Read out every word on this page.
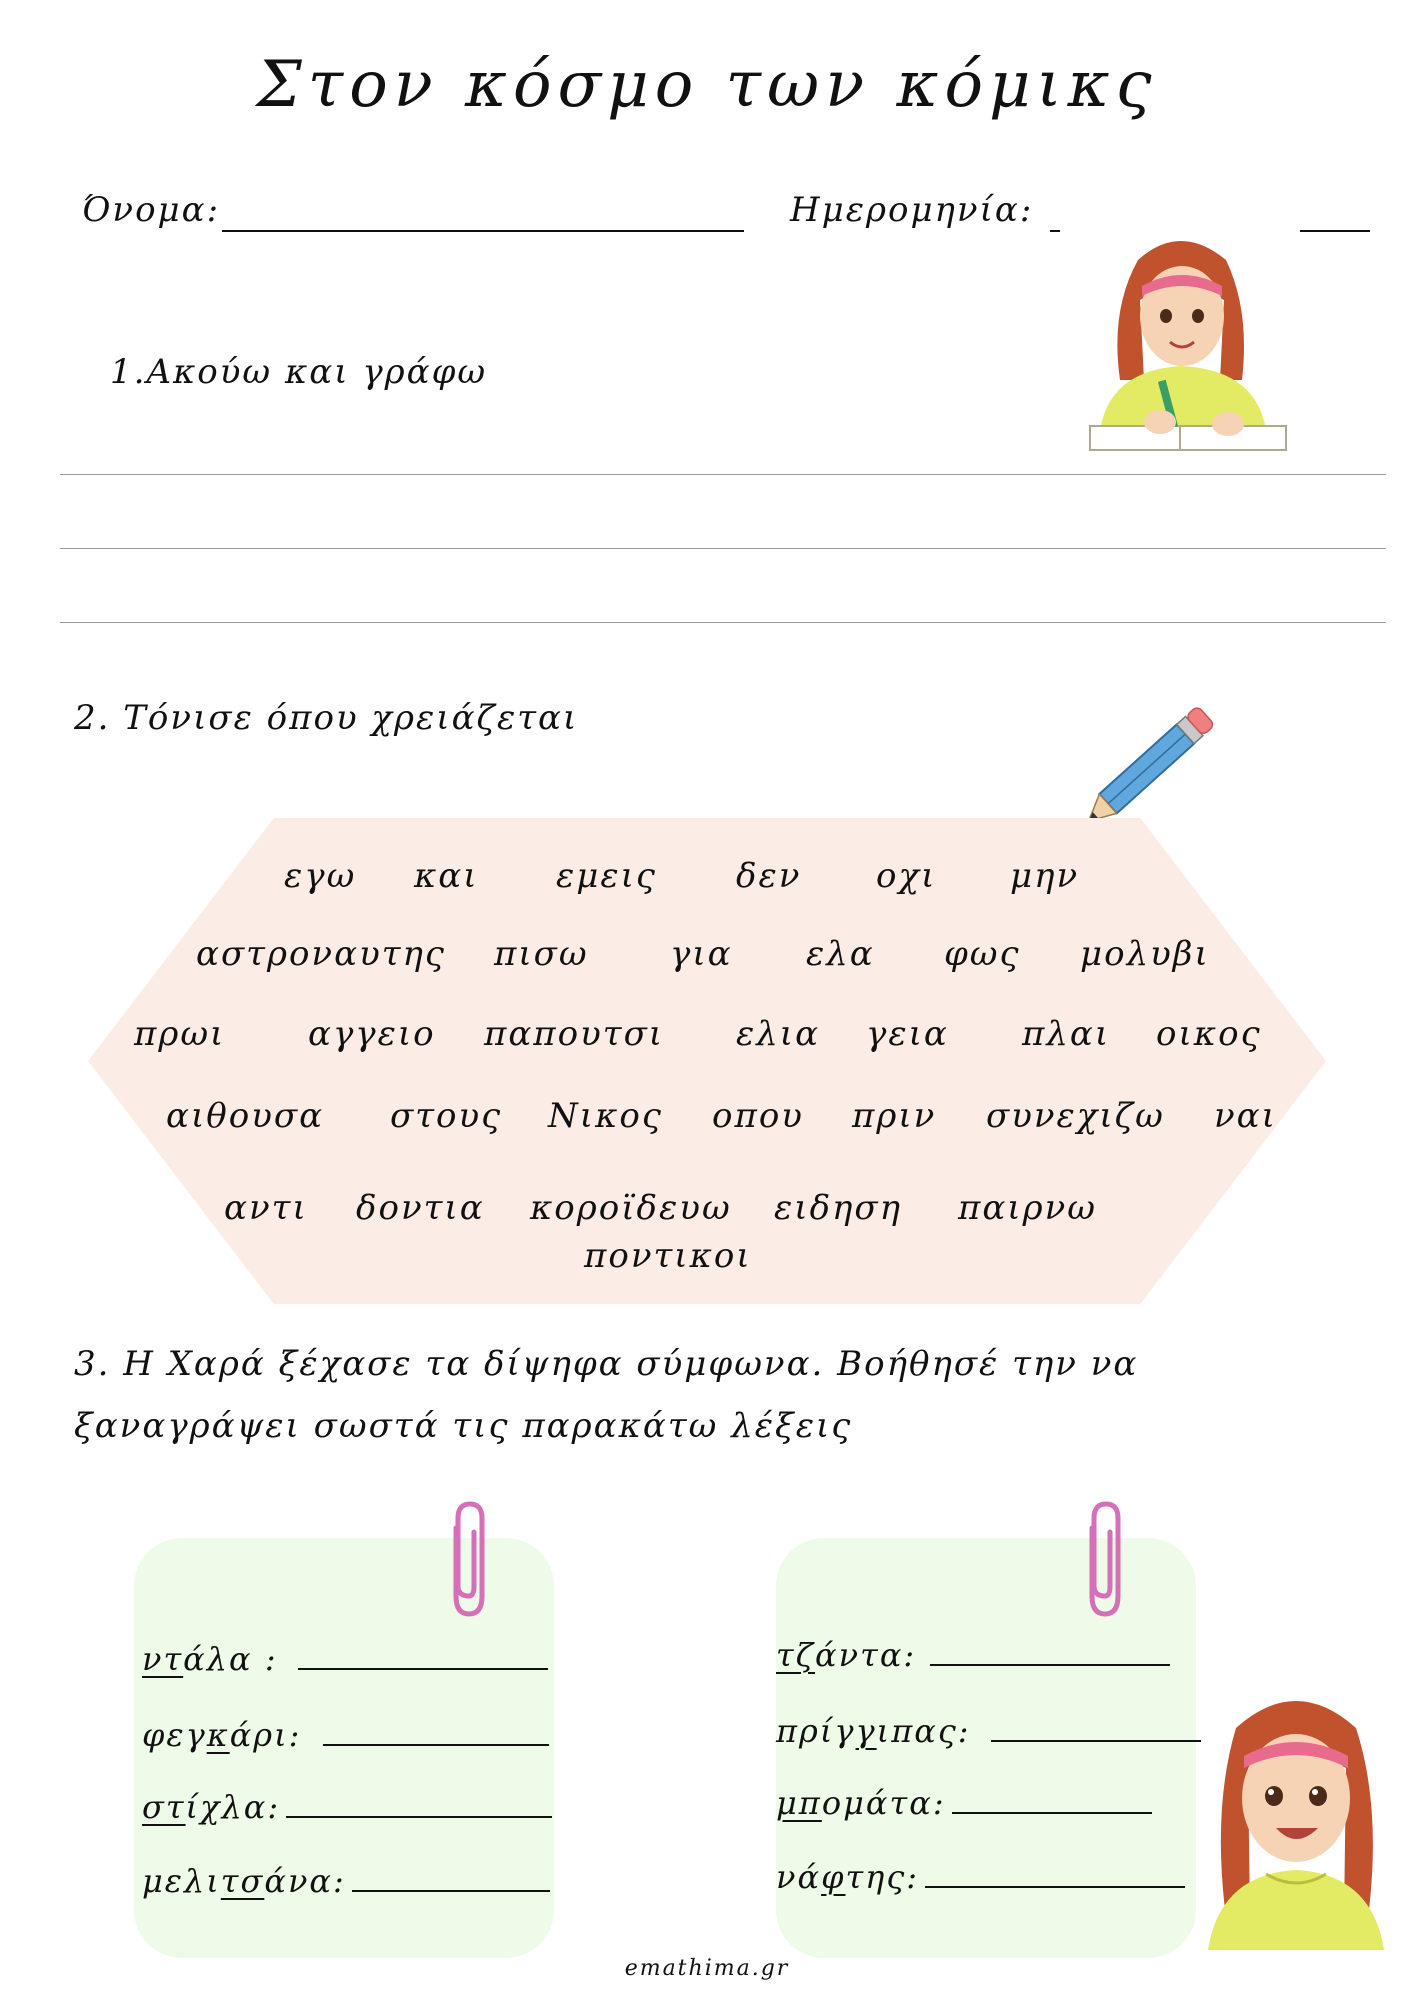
Στον κόσμο των κόμικς
Όνομα:	Ημερομηνία:
1.Ακούω και γράφω
2. Τόνισε όπου χρειάζεται
εγω και εμεις δεν οχι μην
αστροναυτης πισω για ελα φως μολυβι
πρωι αγγειο παπουτσι ελια γεια πλαι οικος
αιθουσα στους Νικος οπου πριν συνεχιζω ναι
αντι δοντια κοροϊδευω ειδηση παιρνω
ποντικοι
3. Η Χαρά ξέχασε τα δίψηφα σύμφωνα. Βοήθησέ την να
ξαναγράψει σωστά τις παρακάτω λέξεις
ντ άλα :
φεγ κ άρι:
στ ίχλα:
μελι τσ άνα:
τζ άντα:
πρίγ γ ιπας:
μπ ομάτα:
νά φ της:
emathima.gr
